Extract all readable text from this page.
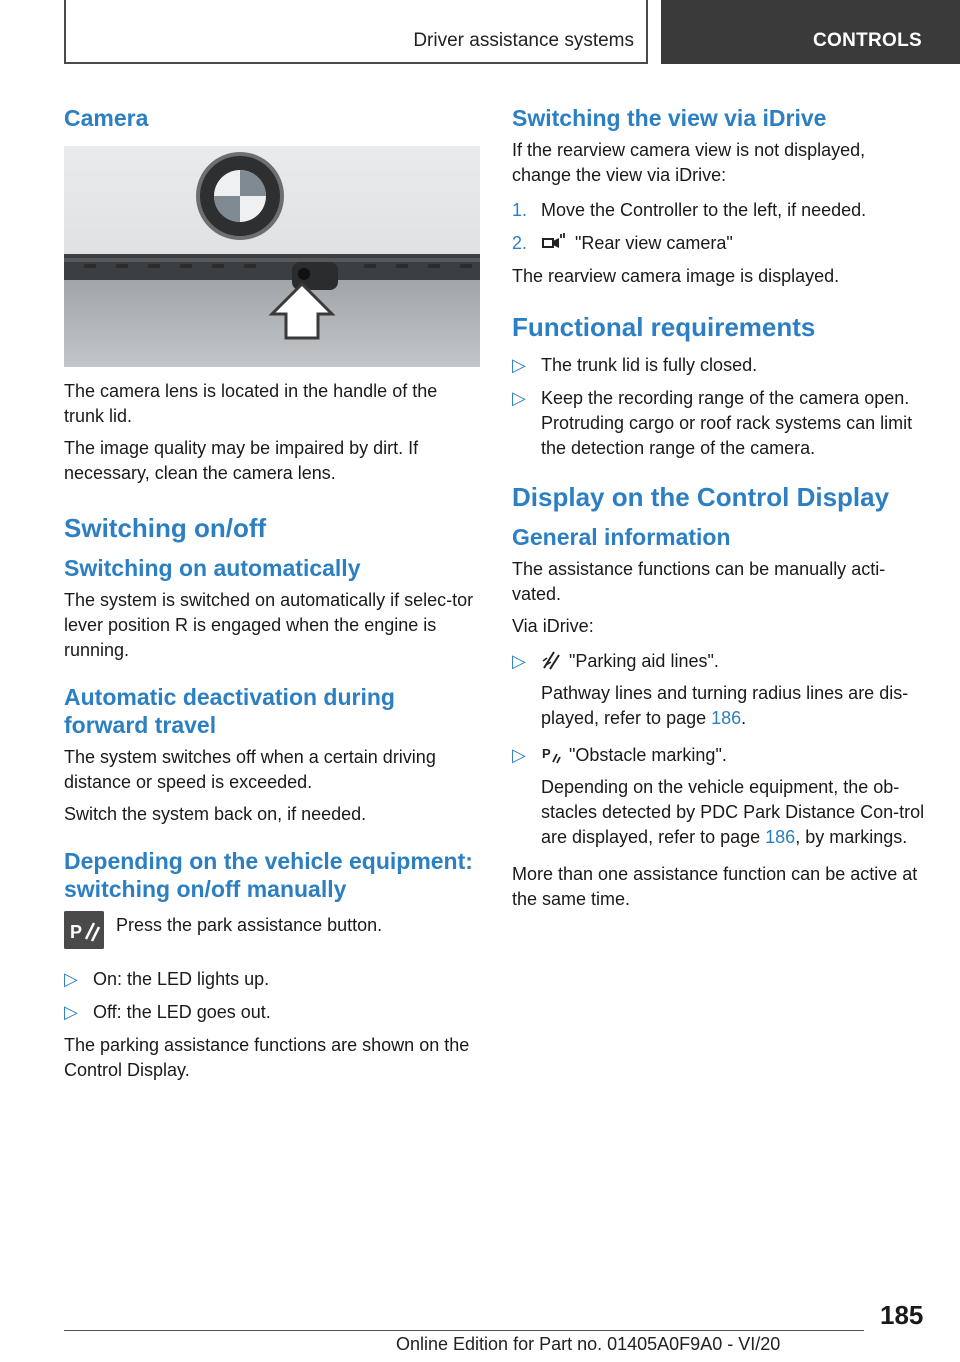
Driver assistance systems	CONTROLS
Camera

The camera lens is located in the handle of the trunk lid.

The image quality may be impaired by dirt. If necessary, clean the camera lens.

Switching on/off
Switching on automatically

The system is switched on automatically if selec-tor lever position R is engaged when the engine is running.

Automatic deactivation during forward travel

The system switches off when a certain driving distance or speed is exceeded.

Switch the system back on, if needed.

Depending on the vehicle equipment: switching on/off manually
P Press the park assistance button.
▷ On: the LED lights up.
▷ Off: the LED goes out.

The parking assistance functions are shown on the Control Display.

Switching the view via iDrive

If the rearview camera view is not displayed, change the view via iDrive:

1. Move the Controller to the left, if needed.
2.	"Rear view camera"

The rearview camera image is displayed.

Functional requirements
▷ The trunk lid is fully closed.
▷ Keep the recording range of the camera open. Protruding cargo or roof rack systems can limit the detection range of the camera.
Display on the Control Display
General information

The assistance functions can be manually acti-vated.

Via iDrive:

▷ "Parking aid lines".
Pathway lines and turning radius lines are dis-played, refer to page 186.
▷ P "Obstacle marking".
Depending on the vehicle equipment, the ob-stacles detected by PDC Park Distance Con-trol are displayed, refer to page 186, by markings.

More than one assistance function can be active at the same time.

185
Online Edition for Part no. 01405A0F9A0 - VI/20
